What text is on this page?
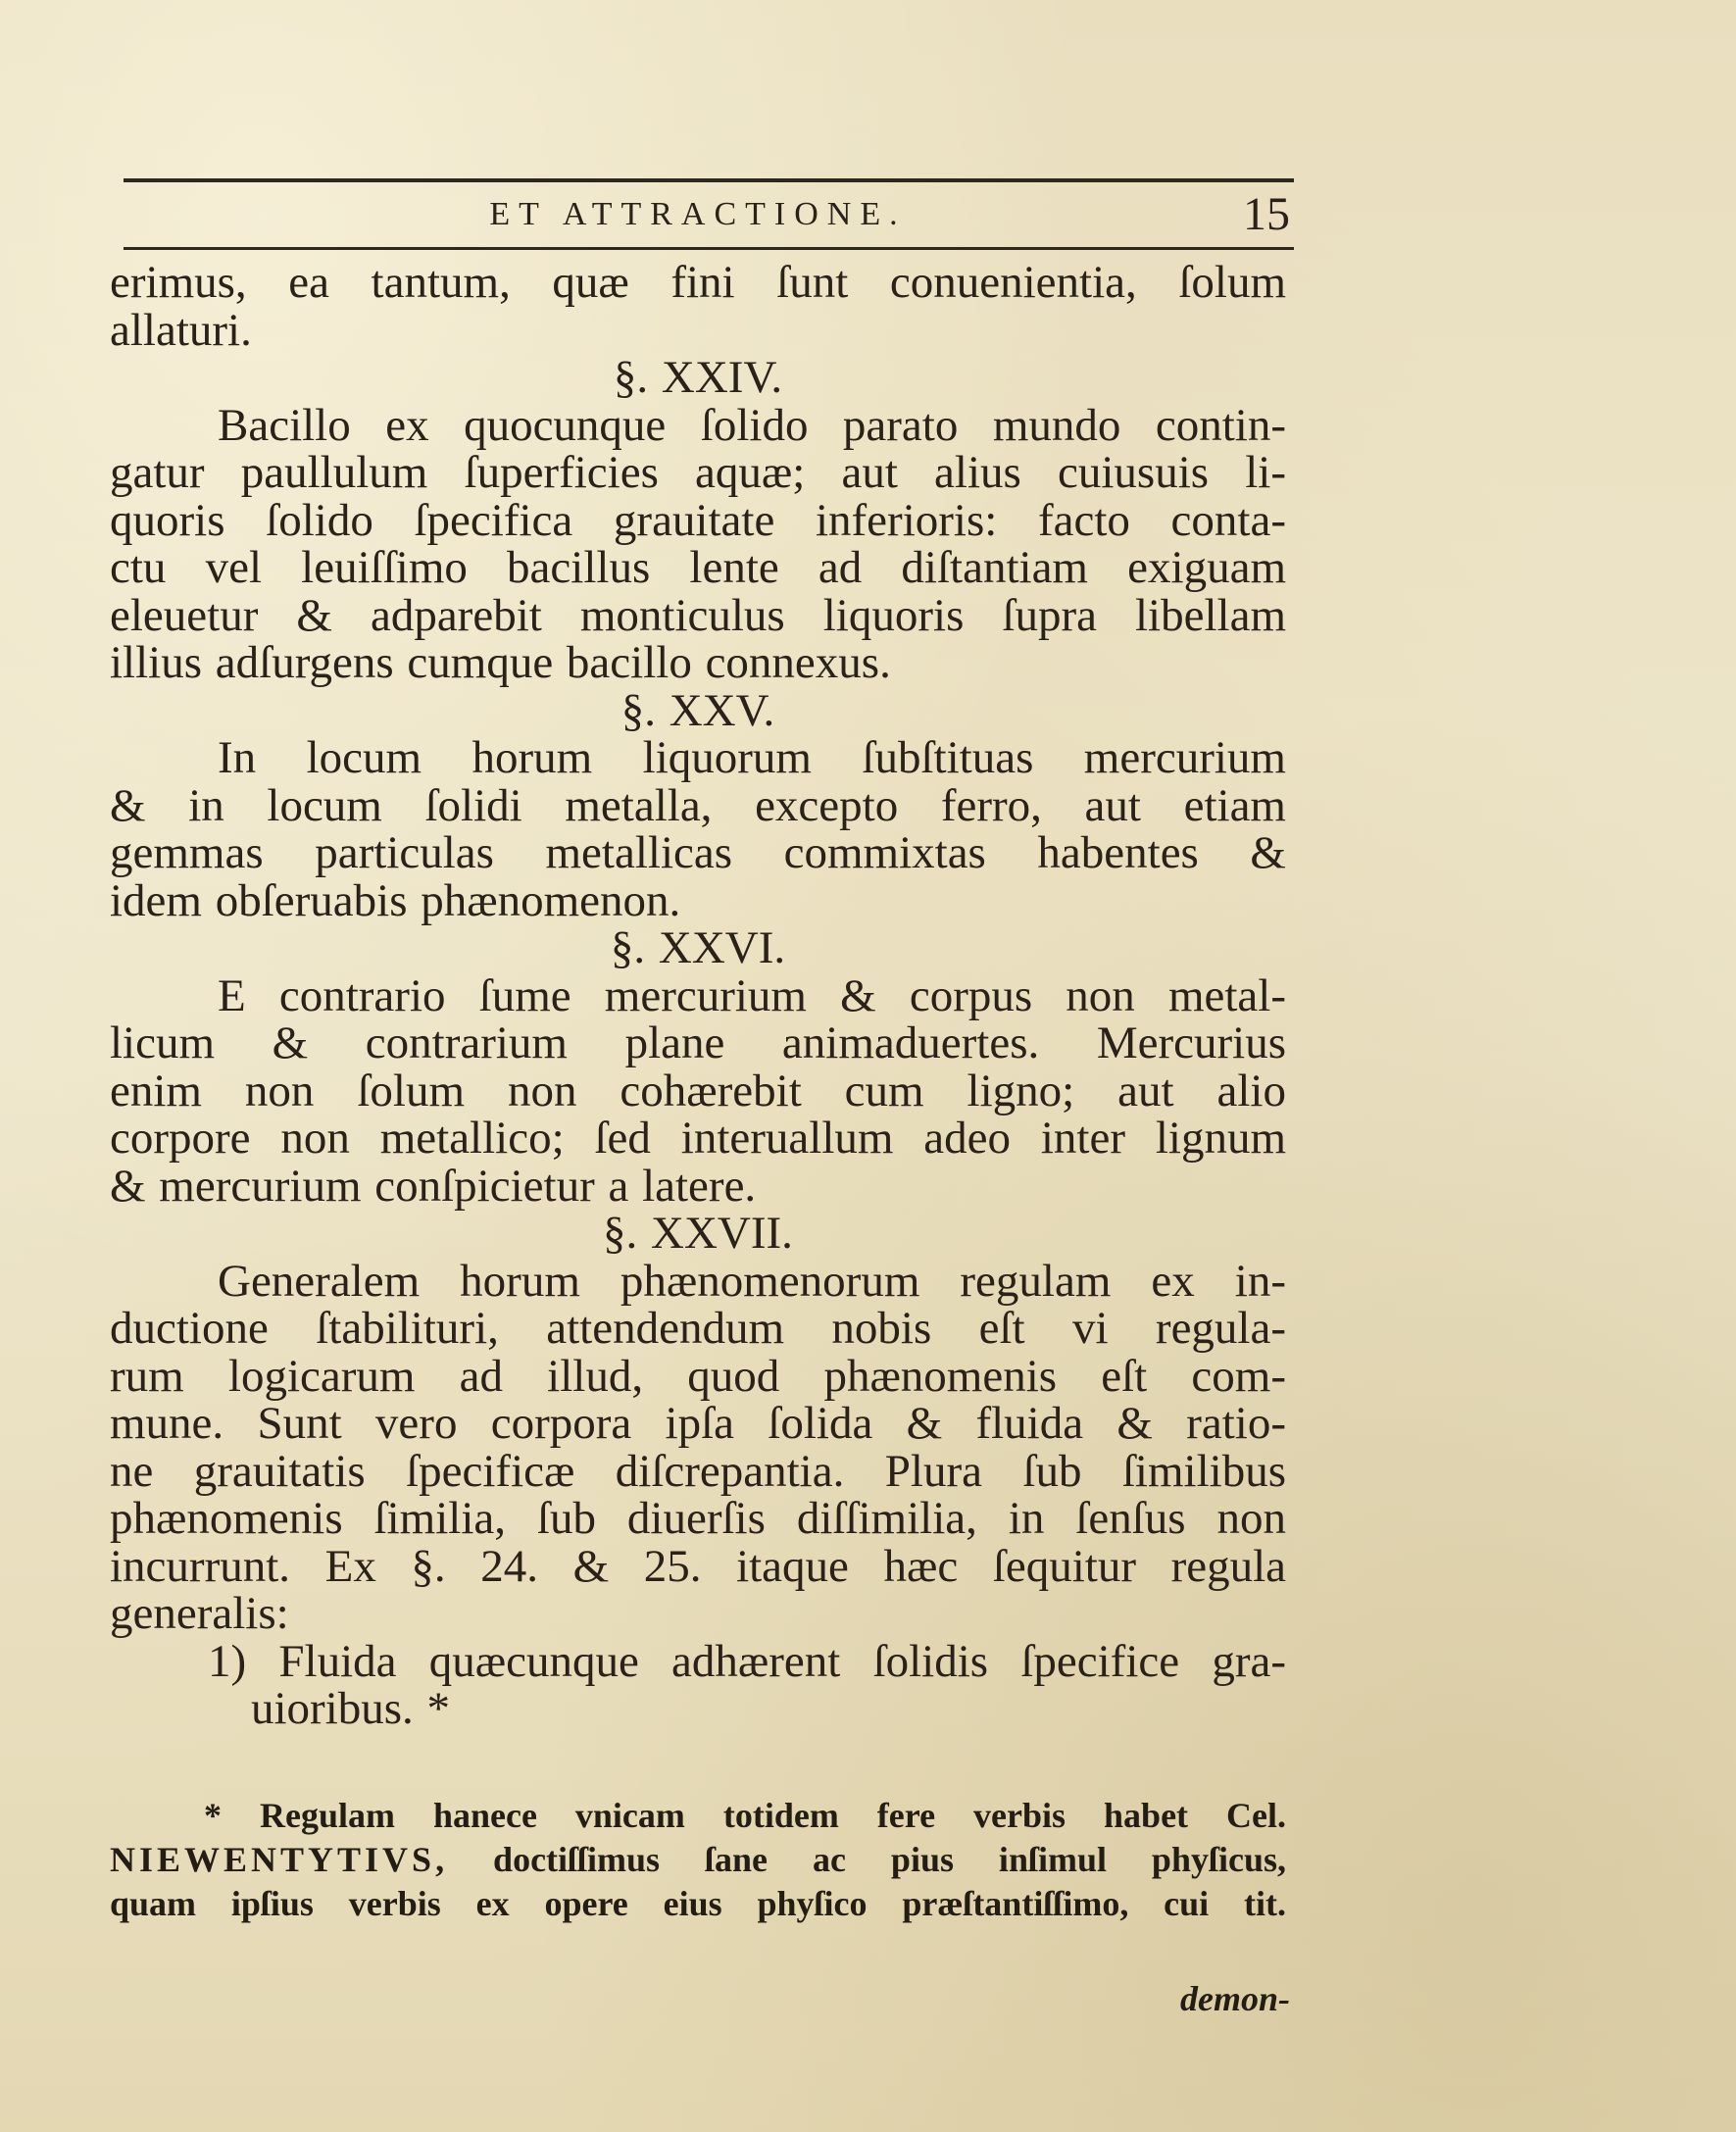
ET ATTRACTIONE.	15
erimus, ea tantum, quæ fini ſunt conuenientia, ſolum
allaturi.
§. XXIV.
Bacillo ex quocunque ſolido parato mundo contin-
gatur paullulum ſuperficies aquæ; aut alius cuiusuis li-
quoris ſolido ſpecifica grauitate inferioris: facto conta-
ctu vel leuiſſimo bacillus lente ad diſtantiam exiguam
eleuetur & adparebit monticulus liquoris ſupra libellam
illius adſurgens cumque bacillo connexus.
§. XXV.
In locum horum liquorum ſubſtituas mercurium
& in locum ſolidi metalla, excepto ferro, aut etiam
gemmas particulas metallicas commixtas habentes &
idem obſeruabis phænomenon.
§. XXVI.
E contrario ſume mercurium & corpus non metal-
licum & contrarium plane animaduertes. Mercurius
enim non ſolum non cohærebit cum ligno; aut alio
corpore non metallico; ſed interuallum adeo inter lignum
& mercurium conſpicietur a latere.
§. XXVII.
Generalem horum phænomenorum regulam ex in-
ductione ſtabilituri, attendendum nobis eſt vi regula-
rum logicarum ad illud, quod phænomenis eſt com-
mune. Sunt vero corpora ipſa ſolida & fluida & ratio-
ne grauitatis ſpecificæ diſcrepantia. Plura ſub ſimilibus
phænomenis ſimilia, ſub diuerſis diſſimilia, in ſenſus non
incurrunt. Ex §. 24. & 25. itaque hæc ſequitur regula
generalis:
1) Fluida quæcunque adhærent ſolidis ſpecifice gra-
uioribus. *
* Regulam hanece vnicam totidem fere verbis habet Cel.
NIEWENTYTIVS, doctiſſimus ſane ac pius inſimul phyſicus,
quam ipſius verbis ex opere eius phyſico præſtantiſſimo, cui tit.
demon-
